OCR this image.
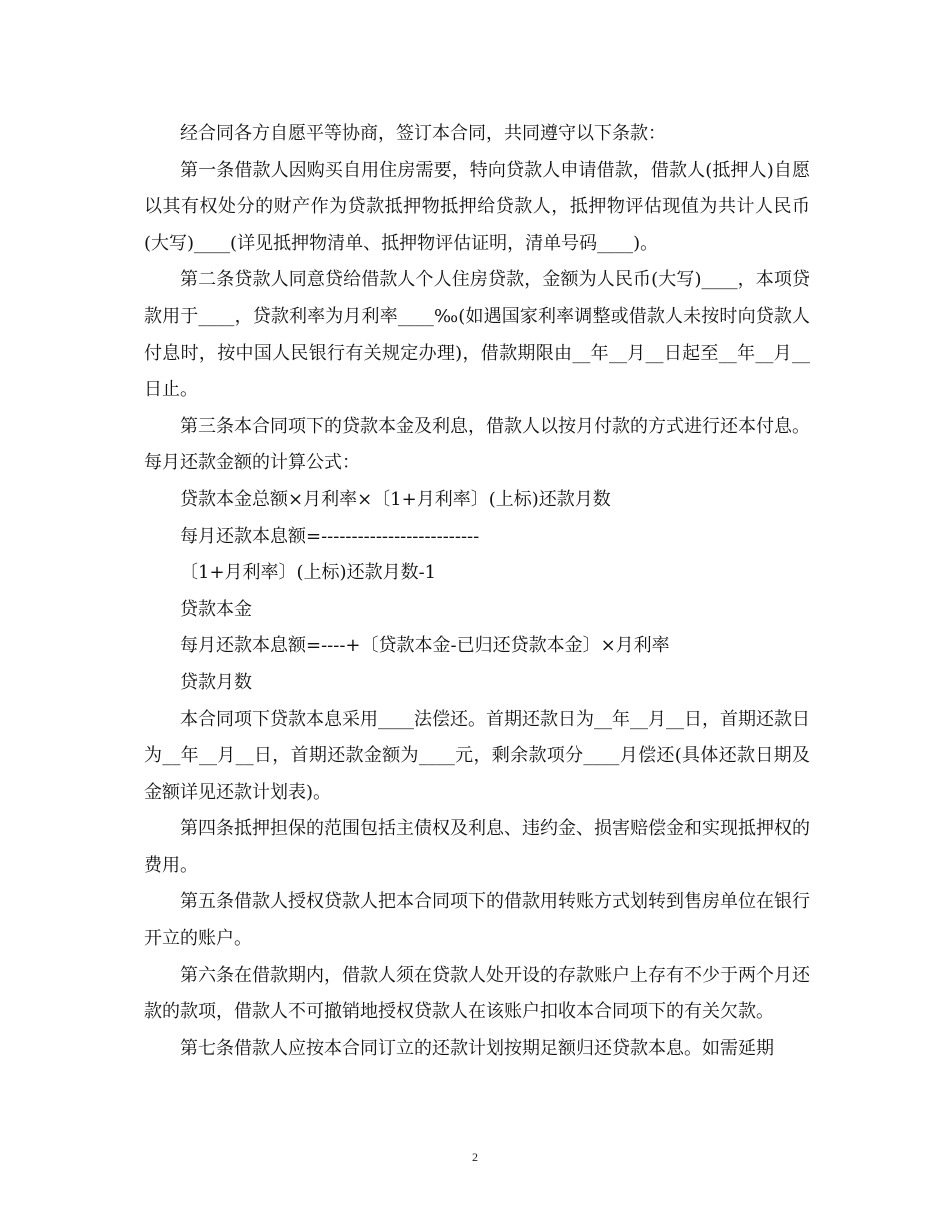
经合同各方自愿平等协商，签订本合同，共同遵守以下条款：

第一条借款人因购买自用住房需要，特向贷款人申请借款，借款人(抵押人)自愿以其有权处分的财产作为贷款抵押物抵押给贷款人，抵押物评估现值为共计人民币(大写)____(详见抵押物清单、抵押物评估证明，清单号码____)。

第二条贷款人同意贷给借款人个人住房贷款，金额为人民币(大写)____，本项贷款用于____，贷款利率为月利率____‰(如遇国家利率调整或借款人未按时向贷款人付息时，按中国人民银行有关规定办理)，借款期限由__年__月__日起至__年__月__日止。

第三条本合同项下的贷款本金及利息，借款人以按月付款的方式进行还本付息。每月还款金额的计算公式：

贷款本金总额×月利率×〔1+月利率〕(上标)还款月数

每月还款本息额=--------------------------

〔1+月利率〕(上标)还款月数-1

贷款本金

每月还款本息额=----+〔贷款本金-已归还贷款本金〕×月利率

贷款月数

本合同项下贷款本息采用____法偿还。首期还款日为__年__月__日，首期还款日为__年__月__日，首期还款金额为____元，剩余款项分____月偿还(具体还款日期及金额详见还款计划表)。

第四条抵押担保的范围包括主债权及利息、违约金、损害赔偿金和实现抵押权的费用。

第五条借款人授权贷款人把本合同项下的借款用转账方式划转到售房单位在银行开立的账户。

第六条在借款期内，借款人须在贷款人处开设的存款账户上存有不少于两个月还款的款项，借款人不可撤销地授权贷款人在该账户扣收本合同项下的有关欠款。

第七条借款人应按本合同订立的还款计划按期足额归还贷款本息。如需延期

2
